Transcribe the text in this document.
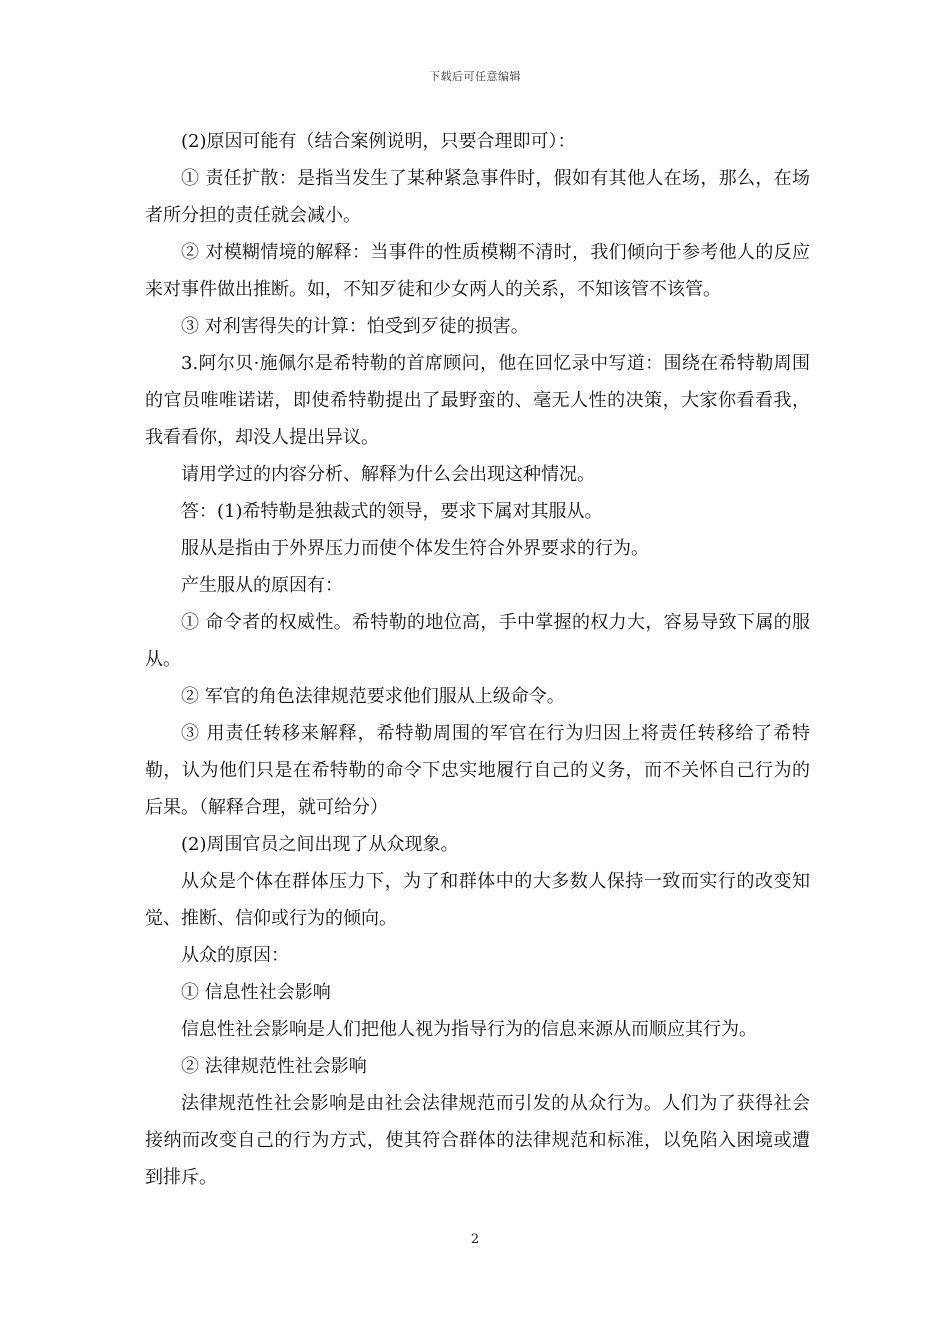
下载后可任意编辑

(2)原因可能有（结合案例说明，只要合理即可）：

① 责任扩散：是指当发生了某种紧急事件时，假如有其他人在场，那么，在场者所分担的责任就会减小。

② 对模糊情境的解释：当事件的性质模糊不清时，我们倾向于参考他人的反应来对事件做出推断。如，不知歹徒和少女两人的关系，不知该管不该管。

③ 对利害得失的计算：怕受到歹徒的损害。

3.阿尔贝·施佩尔是希特勒的首席顾问，他在回忆录中写道：围绕在希特勒周围的官员唯唯诺诺，即使希特勒提出了最野蛮的、毫无人性的决策，大家你看看我，我看看你，却没人提出异议。

请用学过的内容分析、解释为什么会出现这种情况。

答：(1)希特勒是独裁式的领导，要求下属对其服从。

服从是指由于外界压力而使个体发生符合外界要求的行为。

产生服从的原因有：

① 命令者的权威性。希特勒的地位高，手中掌握的权力大，容易导致下属的服从。

② 军官的角色法律规范要求他们服从上级命令。

③ 用责任转移来解释，希特勒周围的军官在行为归因上将责任转移给了希特勒，认为他们只是在希特勒的命令下忠实地履行自己的义务，而不关怀自己行为的后果。（解释合理，就可给分）

(2)周围官员之间出现了从众现象。

从众是个体在群体压力下，为了和群体中的大多数人保持一致而实行的改变知觉、推断、信仰或行为的倾向。

从众的原因：

① 信息性社会影响

信息性社会影响是人们把他人视为指导行为的信息来源从而顺应其行为。

② 法律规范性社会影响

法律规范性社会影响是由社会法律规范而引发的从众行为。人们为了获得社会接纳而改变自己的行为方式，使其符合群体的法律规范和标准，以免陷入困境或遭到排斥。

2
